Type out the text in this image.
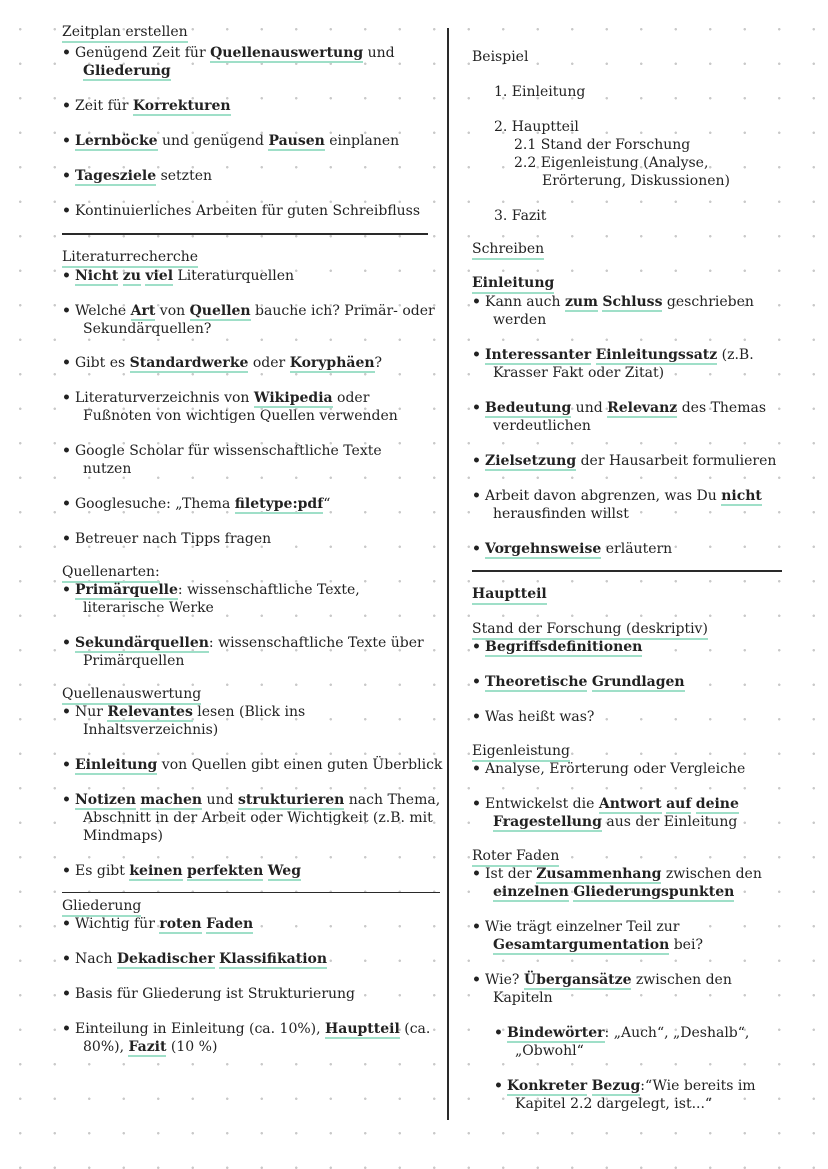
Zeitplan erstellen
• Genügend Zeit für Quellenauswertung und
Gliederung
• Zeit für Korrekturen
• Lernböcke und genügend Pausen einplanen
• Tagesziele setzten
• Kontinuierliches Arbeiten für guten Schreibfluss
Literaturrecherche
• Nicht zu viel Literaturquellen
• Welche Art von Quellen bauche ich? Primär- oder
Sekundärquellen?
• Gibt es Standardwerke oder Koryphäen?
• Literaturverzeichnis von Wikipedia oder
Fußnoten von wichtigen Quellen verwenden
• Google Scholar für wissenschaftliche Texte
nutzen
• Googlesuche: „Thema filetype:pdf“
• Betreuer nach Tipps fragen
Quellenarten:
• Primärquelle: wissenschaftliche Texte,
literarische Werke
• Sekundärquellen: wissenschaftliche Texte über
Primärquellen
Quellenauswertung
• Nur Relevantes lesen (Blick ins
Inhaltsverzeichnis)
• Einleitung von Quellen gibt einen guten Überblick
• Notizen machen und strukturieren nach Thema,
Abschnitt in der Arbeit oder Wichtigkeit (z.B. mit
Mindmaps)
• Es gibt keinen perfekten Weg
Gliederung
• Wichtig für roten Faden
• Nach Dekadischer Klassifikation
• Basis für Gliederung ist Strukturierung
• Einteilung in Einleitung (ca. 10%), Hauptteil (ca.
80%), Fazit (10 %)
Beispiel
1. Einleitung
2. Hauptteil
2.1 Stand der Forschung
2.2 Eigenleistung (Analyse,
Erörterung, Diskussionen)
3. Fazit
Schreiben
Einleitung
• Kann auch zum Schluss geschrieben
werden
• Interessanter Einleitungssatz (z.B.
Krasser Fakt oder Zitat)
• Bedeutung und Relevanz des Themas
verdeutlichen
• Zielsetzung der Hausarbeit formulieren
• Arbeit davon abgrenzen, was Du nicht
herausfinden willst
• Vorgehnsweise erläutern
Hauptteil
Stand der Forschung (deskriptiv)
• Begriffsdefinitionen
• Theoretische Grundlagen
• Was heißt was?
Eigenleistung
• Analyse, Erörterung oder Vergleiche
• Entwickelst die Antwort auf deine
Fragestellung aus der Einleitung
Roter Faden
• Ist der Zusammenhang zwischen den
einzelnen Gliederungspunkten
• Wie trägt einzelner Teil zur
Gesamtargumentation bei?
• Wie? Übergansätze zwischen den
Kapiteln
• Bindewörter: „Auch“, „Deshalb“,
„Obwohl“
• Konkreter Bezug:“Wie bereits im
Kapitel 2.2 dargelegt, ist...“
